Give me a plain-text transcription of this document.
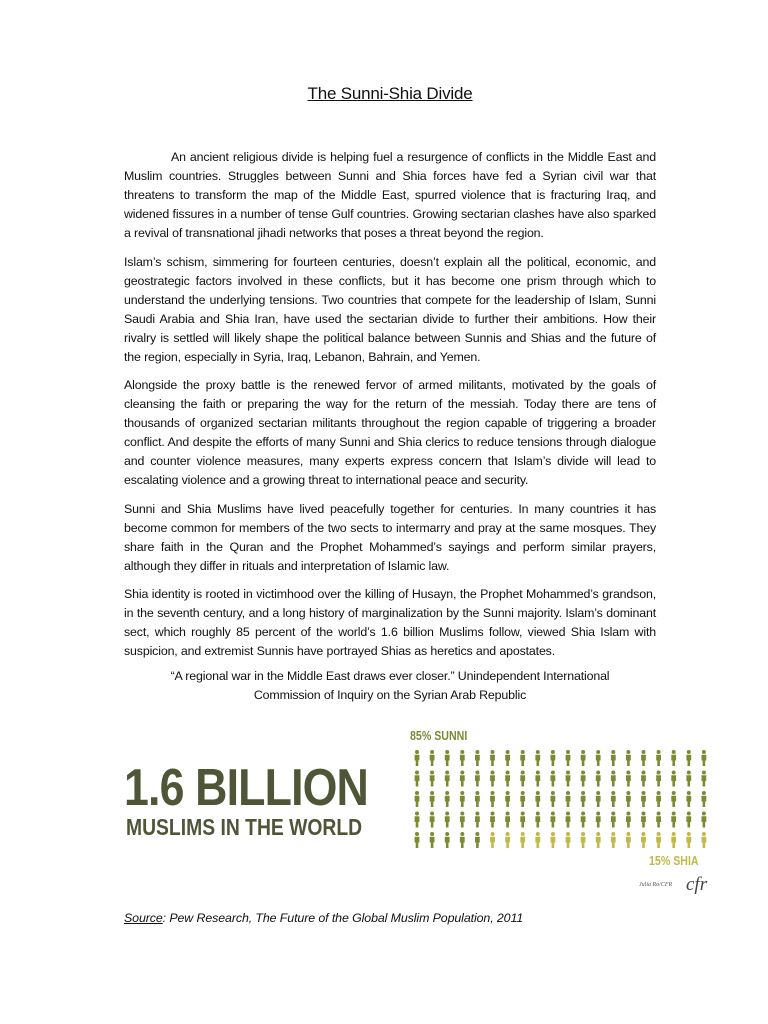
The Sunni-Shia Divide

An ancient religious divide is helping fuel a resurgence of conflicts in the Middle East and Muslim countries. Struggles between Sunni and Shia forces have fed a Syrian civil war that threatens to transform the map of the Middle East, spurred violence that is fracturing Iraq, and widened fissures in a number of tense Gulf countries. Growing sectarian clashes have also sparked a revival of transnational jihadi networks that poses a threat beyond the region.

Islam’s schism, simmering for fourteen centuries, doesn’t explain all the political, economic, and geostrategic factors involved in these conflicts, but it has become one prism through which to understand the underlying tensions. Two countries that compete for the leadership of Islam, Sunni Saudi Arabia and Shia Iran, have used the sectarian divide to further their ambitions. How their rivalry is settled will likely shape the political balance between Sunnis and Shias and the future of the region, especially in Syria, Iraq, Lebanon, Bahrain, and Yemen.

Alongside the proxy battle is the renewed fervor of armed militants, motivated by the goals of cleansing the faith or preparing the way for the return of the messiah. Today there are tens of thousands of organized sectarian militants throughout the region capable of triggering a broader conflict. And despite the efforts of many Sunni and Shia clerics to reduce tensions through dialogue and counter violence measures, many experts express concern that Islam’s divide will lead to escalating violence and a growing threat to international peace and security.

Sunni and Shia Muslims have lived peacefully together for centuries. In many countries it has become common for members of the two sects to intermarry and pray at the same mosques. They share faith in the Quran and the Prophet Mohammed’s sayings and perform similar prayers, although they differ in rituals and interpretation of Islamic law.

Shia identity is rooted in victimhood over the killing of Husayn, the Prophet Mohammed’s grandson, in the seventh century, and a long history of marginalization by the Sunni majority. Islam’s dominant sect, which roughly 85 percent of the world’s 1.6 billion Muslims follow, viewed Shia Islam with suspicion, and extremist Sunnis have portrayed Shias as heretics and apostates.

“A regional war in the Middle East draws ever closer.” Unindependent International
Commission of Inquiry on the Syrian Arab Republic
1.6 BILLION
MUSLIMS IN THE WORLD
85% SUNNI
15% SHIA
Julia Ro/CFR cfr
Source: Pew Research, The Future of the Global Muslim Population, 2011
